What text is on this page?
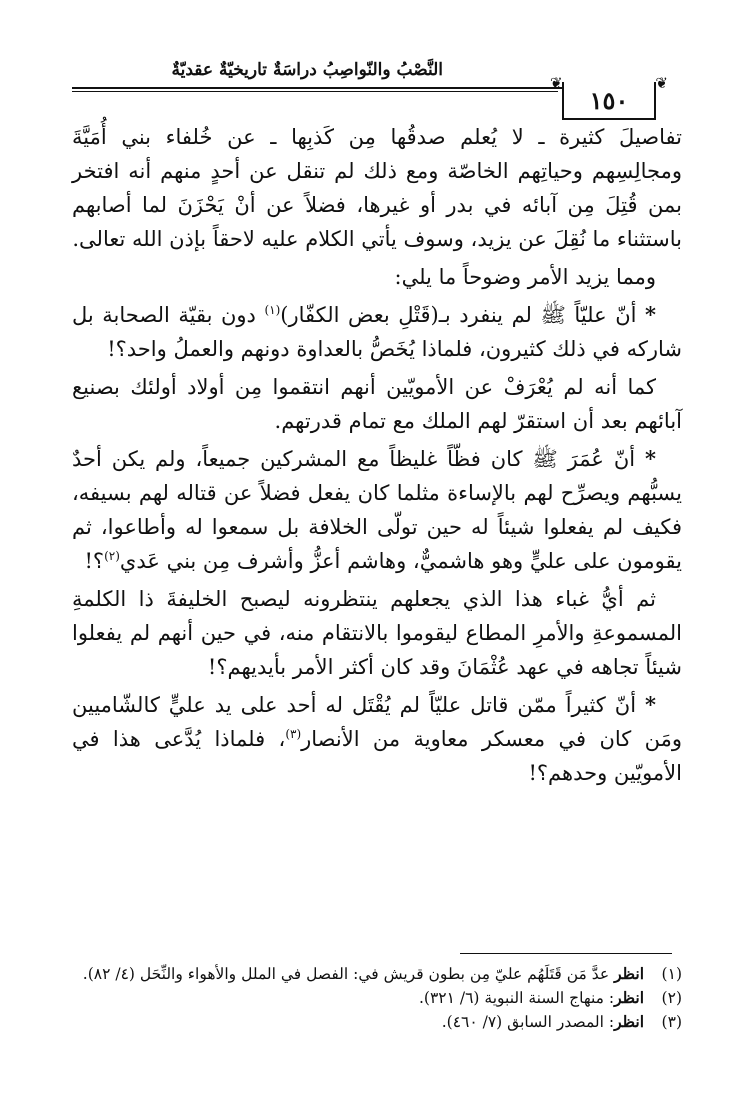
النَّصْبُ والنّواصِبُ دراسَةٌ تاريخيّةٌ عقديّةٌ
❦	❦
١٥٠

تفاصيلَ كثيرة ـ لا يُعلم صدقُها مِن كَذبِها ـ عن خُلفاء بني أُمَيَّةَ ومجالِسِهم وحياتِهم الخاصّة ومع ذلك لم تنقل عن أحدٍ منهم أنه افتخر بمن قُتِلَ مِن آبائه في بدر أو غيرها، فضلاً عن أنْ يَحْزَنَ لما أصابهم باستثناء ما نُقِلَ عن يزيد، وسوف يأتي الكلام عليه لاحقاً بإذن الله تعالى.

ومما يزيد الأمر وضوحاً ما يلي:

* أنّ عليّاً ﷺ لم ينفرد بـ(قَتْلِ بعض الكفّار)$^{(١)}$ دون بقيّة الصحابة بل شاركه في ذلك كثيرون، فلماذا يُخَصُّ بالعداوة دونهم والعملُ واحد؟!

كما أنه لم يُعْرَفْ عن الأمويّين أنهم انتقموا مِن أولاد أولئك بصنيع آبائهم بعد أن استقرّ لهم الملك مع تمام قدرتهم.

* أنّ عُمَرَ ﷺ كان فظّاً غليظاً مع المشركين جميعاً، ولم يكن أحدٌ يسبُّهم ويصرِّح لهم بالإساءة مثلما كان يفعل فضلاً عن قتاله لهم بسيفه، فكيف لم يفعلوا شيئاً له حين تولّى الخلافة بل سمعوا له وأطاعوا، ثم يقومون على عليٍّ وهو هاشميٌّ، وهاشم أعزُّ وأشرف مِن بني عَدي$^{(٢)}$؟!

ثم أيُّ غباء هذا الذي يجعلهم ينتظرونه ليصبح الخليفةَ ذا الكلمةِ المسموعةِ والأمرِ المطاع ليقوموا بالانتقام منه، في حين أنهم لم يفعلوا شيئاً تجاهه في عهد عُثْمَانَ وقد كان أكثر الأمر بأيديهم؟!

* أنّ كثيراً ممّن قاتل عليّاً لم يُقْتَل له أحد على يد عليٍّ كالشّاميين ومَن كان في معسكر معاوية من الأنصار$^{(٣)}$، فلماذا يُدَّعى هذا في الأمويّين وحدهم؟!

(١)
انظر عدَّ مَن قَتَلَهُم عليّ مِن بطون قريش في: الفصل في الملل والأهواء والنِّحَل (٤/ ٨٢).
(٢)
انظر: منهاج السنة النبوية (٦/ ٣٢١).
(٣)
انظر: المصدر السابق (٧/ ٤٦٠).
